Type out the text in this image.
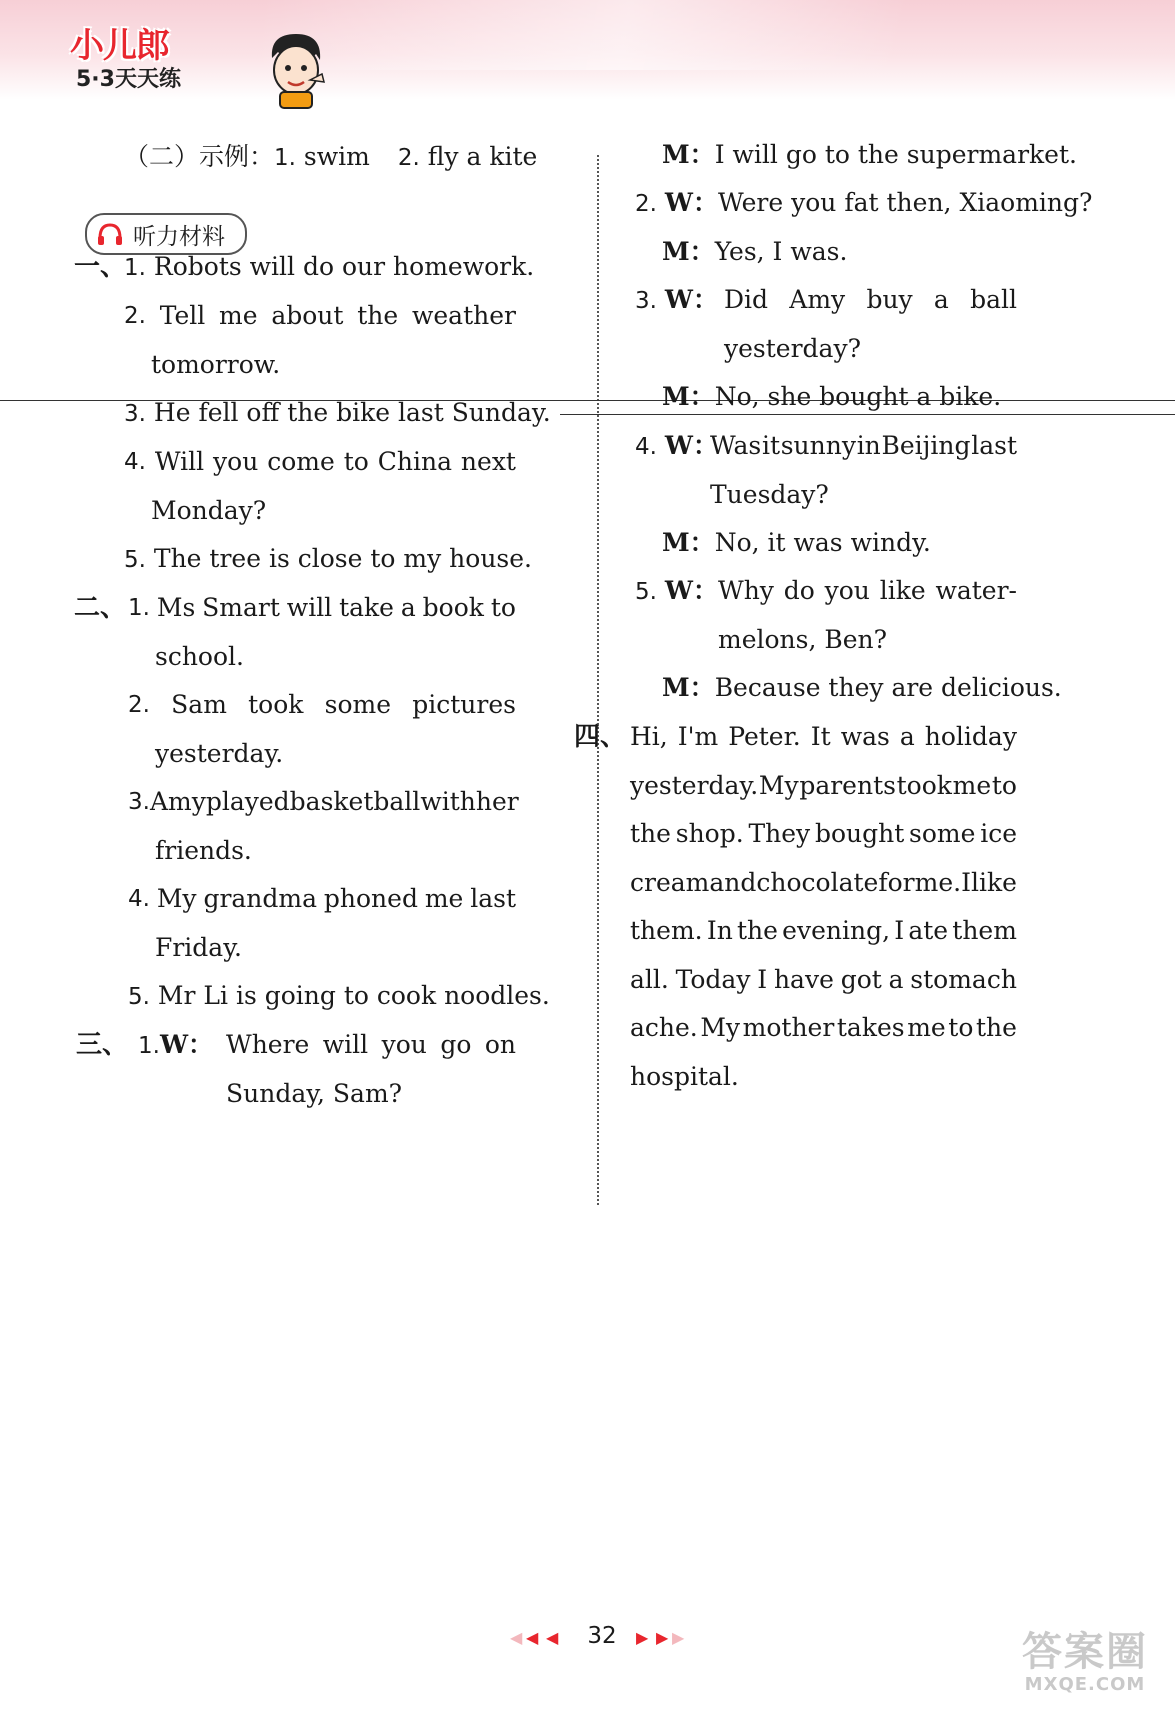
小儿郎
5·3天天练
（二）示例：1. swim 2. fly a kite
听力材料
一、
1. Robots will do our homework.
2. Tell me about the weather
tomorrow.
3. He fell off the bike last Sunday.
4. Will you come to China next
Monday?
5. The tree is close to my house.
二、 1. Ms Smart will take a book to
school.
2. Sam took some pictures
yesterday.
3. Amy played basketball with her
friends.
4. My grandma phoned me last
Friday.
5. Mr Li is going to cook noodles.
三、 1.W： Where will you go on
Sunday, Sam?
M：I will go to the supermarket.
2. W：Were you fat then, Xiaoming?
M：Yes, I was.
3. W： Did Amy buy a ball
yesterday?
M：No, she bought a bike.
4. W：
Was it sunny in Beijing last
Tuesday?
M：No, it was windy.
5. W： Why do you like water-
melons, Ben?
M：Because they are delicious.
四、 Hi, I'm Peter. It was a holiday
yesterday. My parents took me to
the shop. They bought some ice
cream and chocolate for me. I like
them. In the evening, I ate them
all. Today I have got a stomach
ache. My mother takes me to the
hospital.
◀ ◀ ◀ 32	▶ ▶ ▶	答案圈
MXQE.COM
